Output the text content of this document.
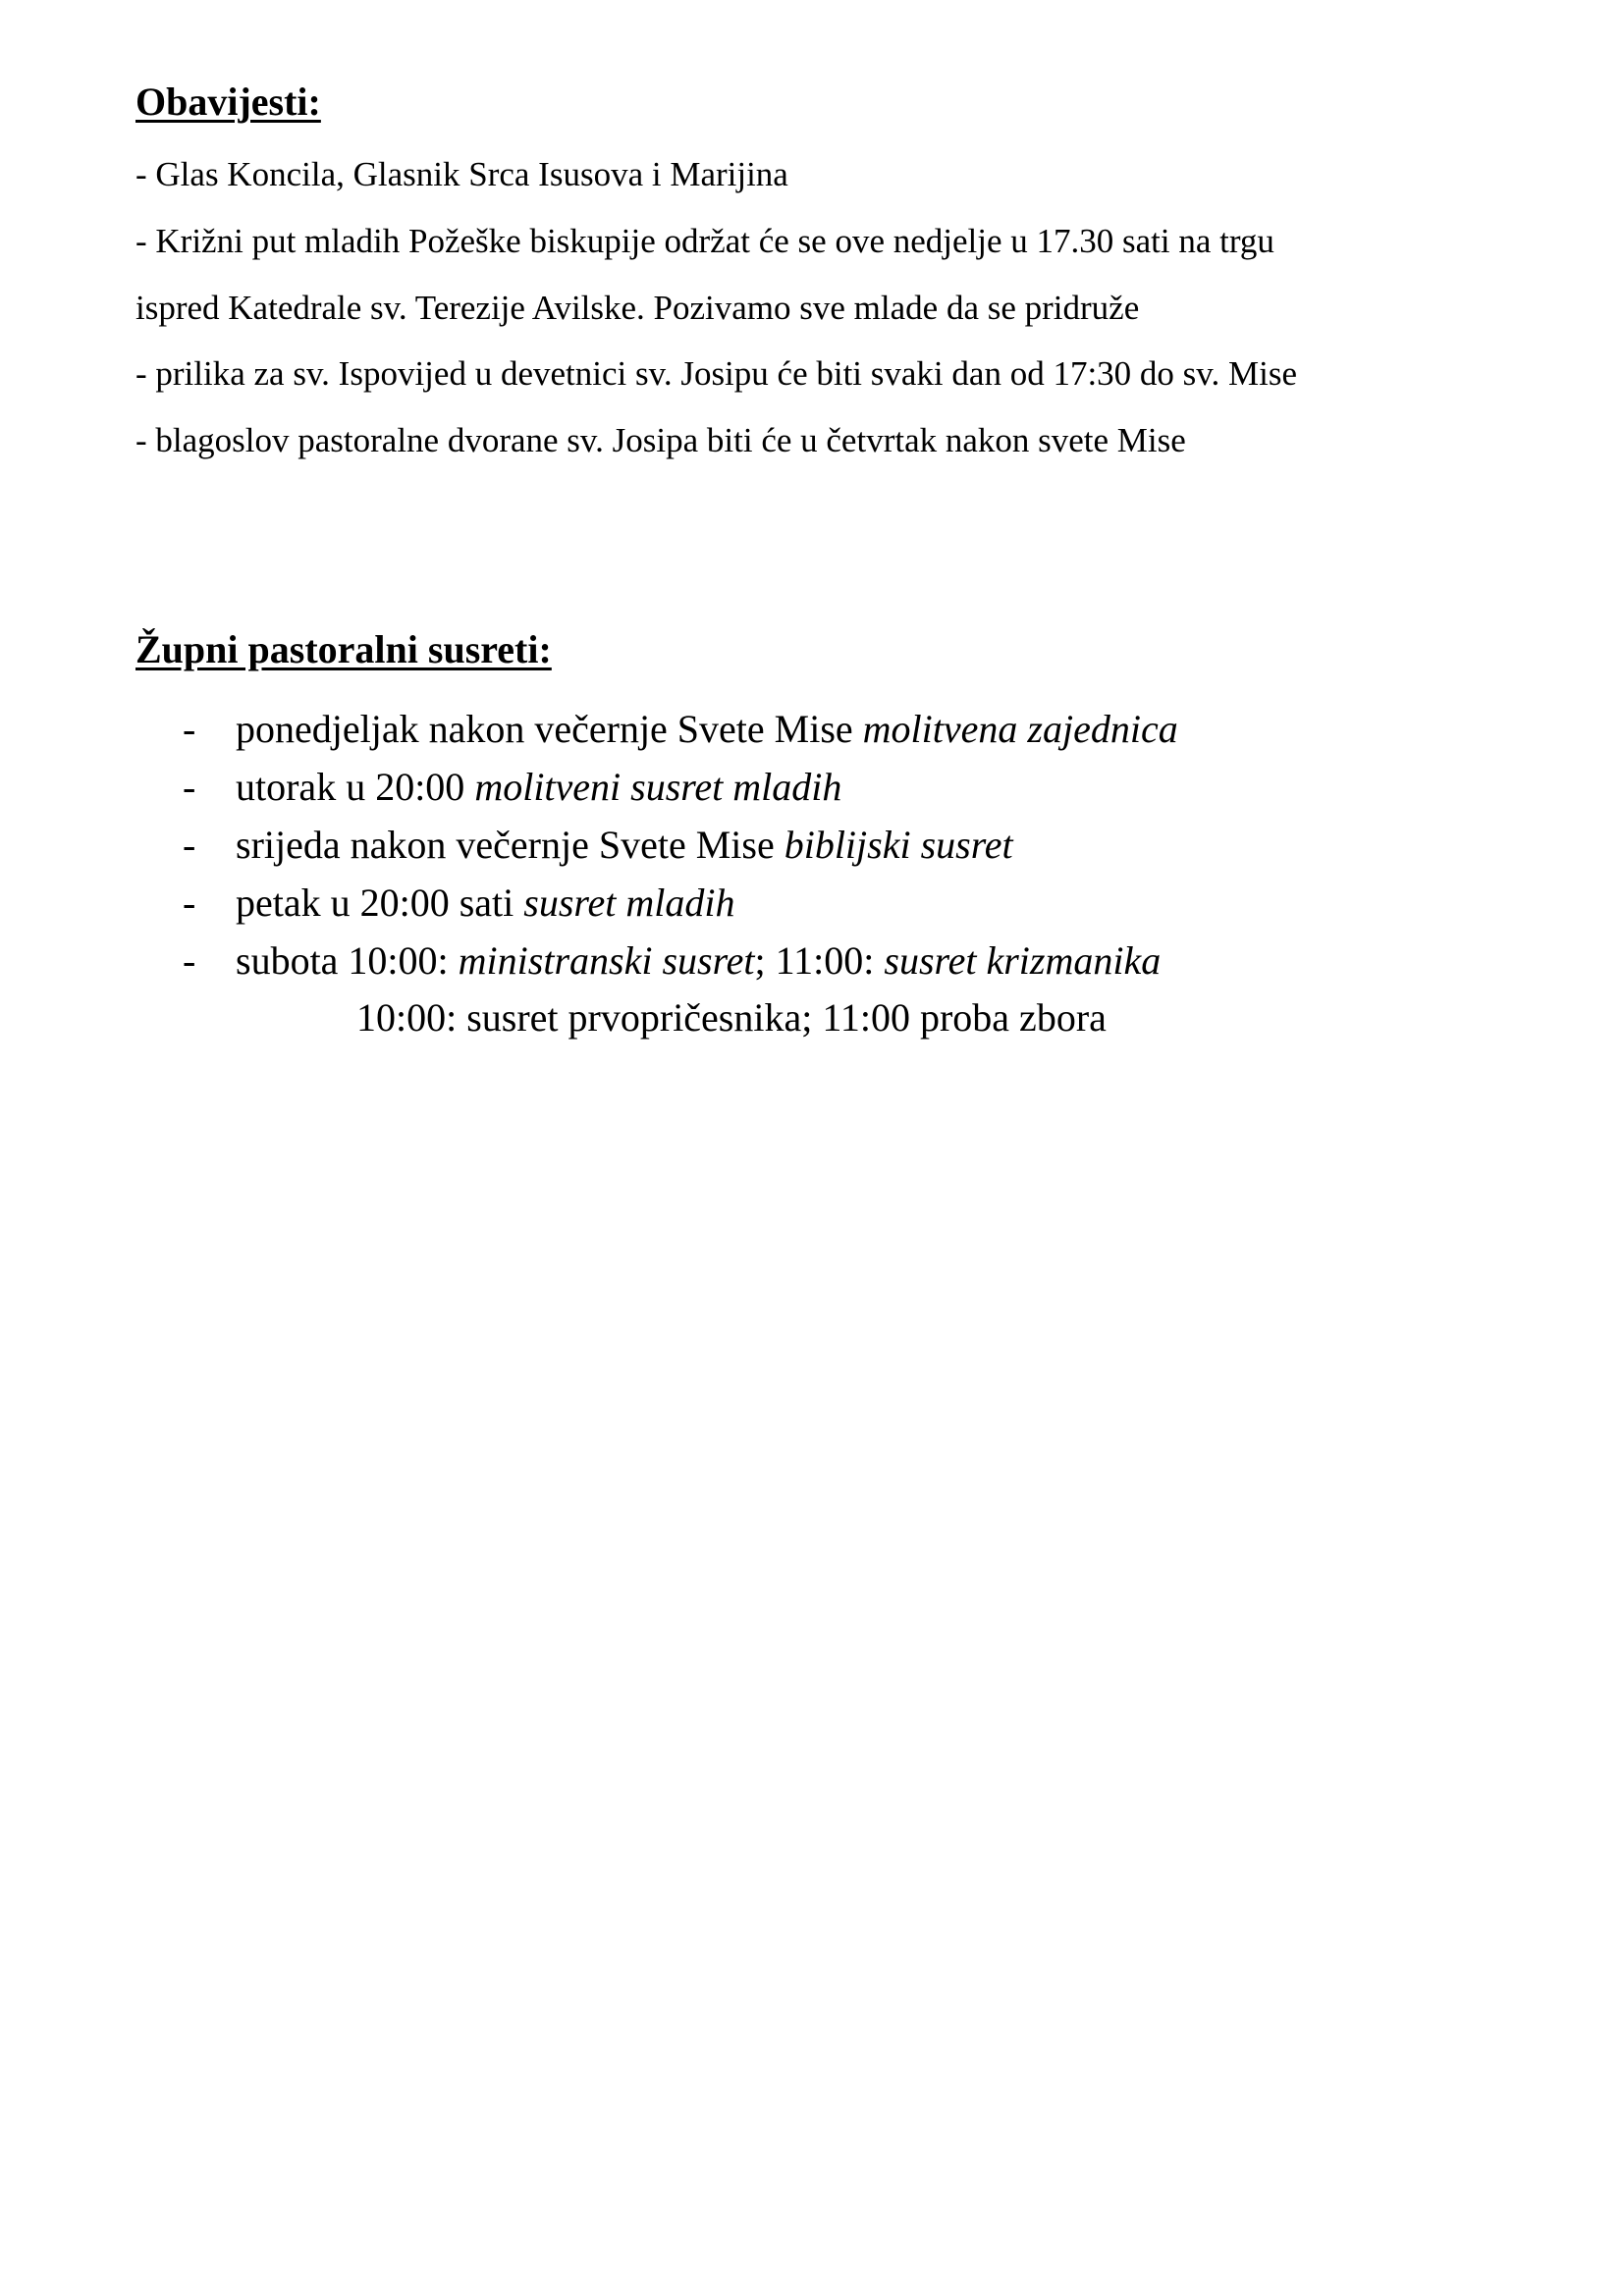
Obavijesti:

- Glas Koncila, Glasnik Srca Isusova i Marijina

- Križni put mladih Požeške biskupije održat će se ove nedjelje u 17.30 sati na trgu

ispred Katedrale sv. Terezije Avilske. Pozivamo sve mlade da se pridruže

- prilika za sv. Ispovijed u devetnici sv. Josipu će biti svaki dan od 17:30 do sv. Mise

- blagoslov pastoralne dvorane sv. Josipa biti će u četvrtak nakon svete Mise

Župni pastoralni susreti:

- ponedjeljak nakon večernje Svete Mise molitvena zajednica

- utorak u 20:00 molitveni susret mladih

- srijeda nakon večernje Svete Mise biblijski susret

- petak u 20:00 sati susret mladih

- subota 10:00: ministranski susret; 11:00: susret krizmanika

10:00: susret prvopričesnika; 11:00 proba zbora
